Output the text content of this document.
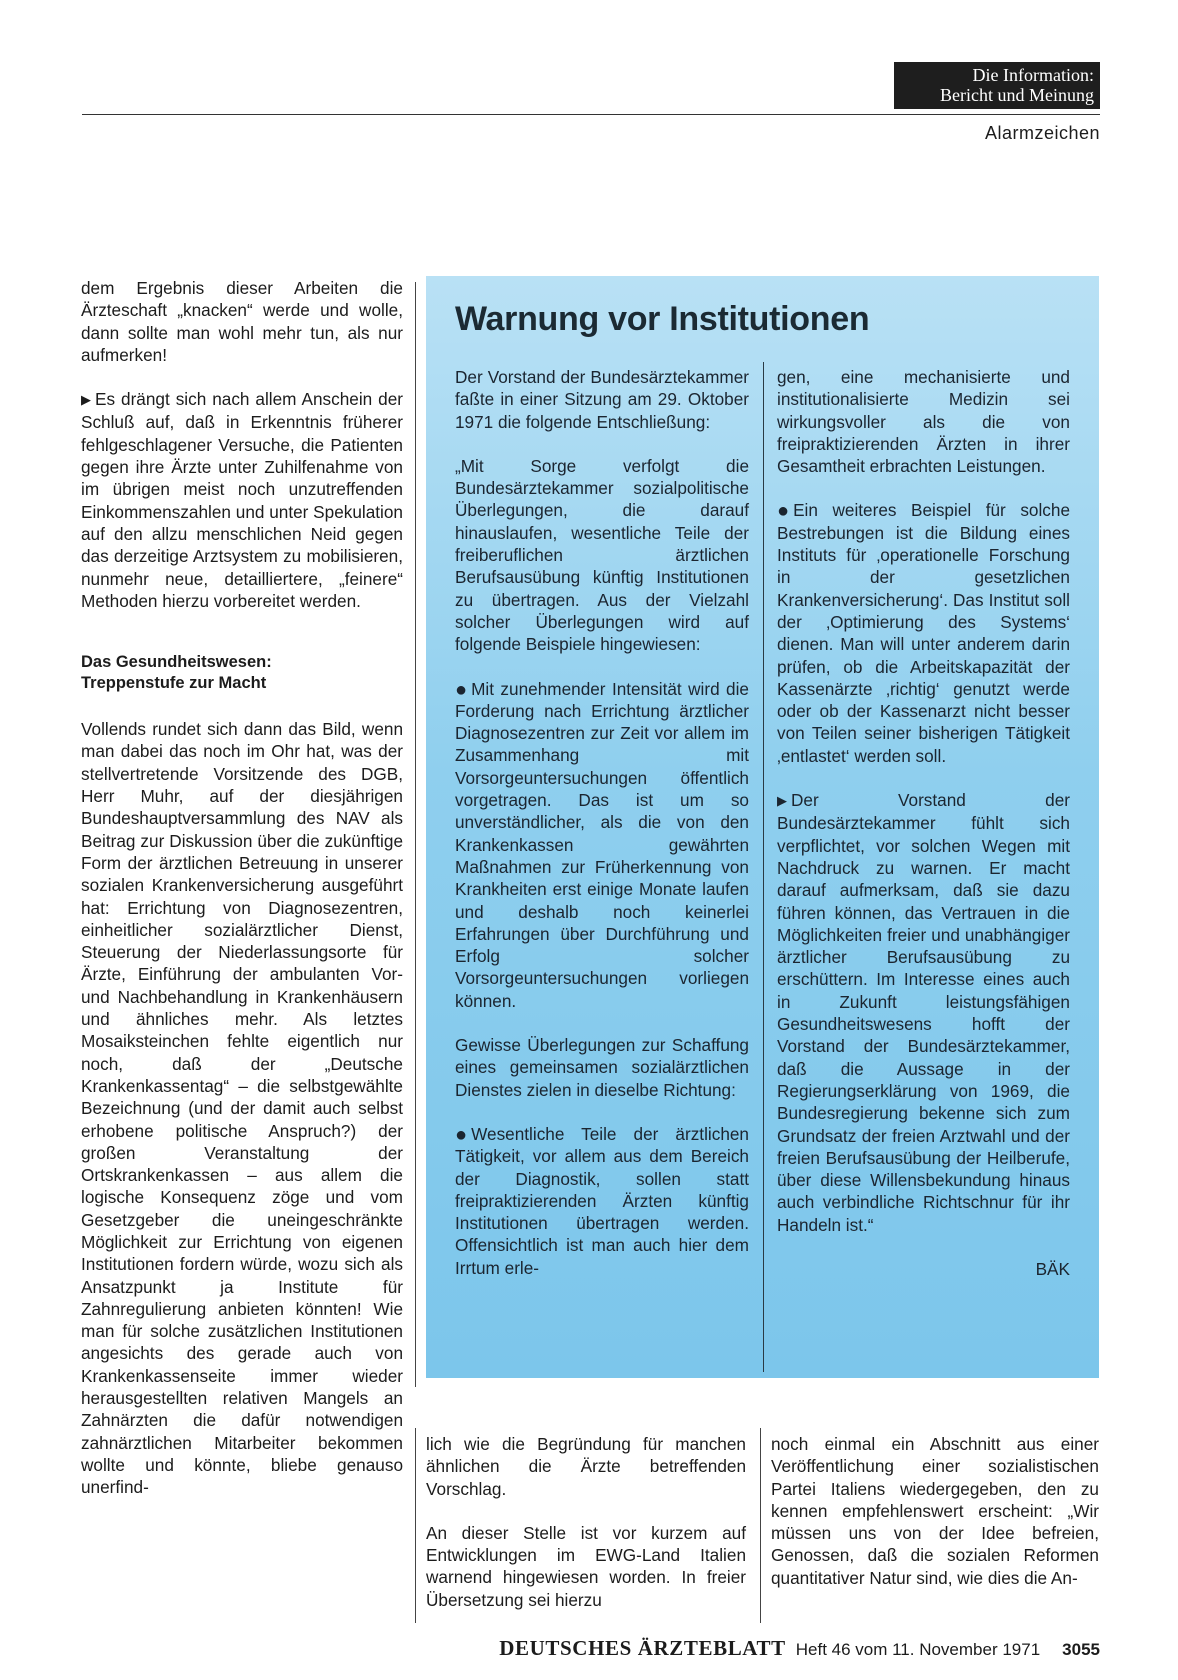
Die Information:
Bericht und Meinung
Alarmzeichen

dem Ergebnis dieser Arbeiten die Ärzteschaft „knacken“ werde und wolle, dann sollte man wohl mehr tun, als nur aufmerken!

▶ Es drängt sich nach allem Anschein der Schluß auf, daß in Erkenntnis früherer fehlgeschlagener Versuche, die Patienten gegen ihre Ärzte unter Zuhilfenahme von im übrigen meist noch unzutreffenden Einkommenszahlen und unter Spekulation auf den allzu menschlichen Neid gegen das derzeitige Arztsystem zu mobilisieren, nunmehr neue, detailliertere, „feinere“ Methoden hierzu vorbereitet werden.

Das Gesundheitswesen:
Treppenstufe zur Macht

Vollends rundet sich dann das Bild, wenn man dabei das noch im Ohr hat, was der stellvertretende Vorsitzende des DGB, Herr Muhr, auf der diesjährigen Bundeshauptversammlung des NAV als Beitrag zur Diskussion über die zukünftige Form der ärztlichen Betreuung in unserer sozialen Krankenversicherung ausgeführt hat: Errichtung von Diagnosezentren, einheitlicher sozialärztlicher Dienst, Steuerung der Niederlassungsorte für Ärzte, Einführung der ambulanten Vor- und Nachbehandlung in Krankenhäusern und ähnliches mehr. Als letztes Mosaiksteinchen fehlte eigentlich nur noch, daß der „Deutsche Krankenkassentag“ – die selbstgewählte Bezeichnung (und der damit auch selbst erhobene politische Anspruch?) der großen Veranstaltung der Ortskrankenkassen – aus allem die logische Konsequenz zöge und vom Gesetzgeber die uneingeschränkte Möglichkeit zur Errichtung von eigenen Institutionen fordern würde, wozu sich als Ansatzpunkt ja Institute für Zahnregulierung anbieten könnten! Wie man für solche zusätzlichen Institutionen angesichts des gerade auch von Krankenkassenseite immer wieder herausgestellten relativen Mangels an Zahnärzten die dafür notwendigen zahnärztlichen Mitarbeiter bekommen wollte und könnte, bliebe genauso unerfind-

Warnung vor Institutionen

Der Vorstand der Bundesärztekammer faßte in einer Sitzung am 29. Oktober 1971 die folgende Entschließung:

„Mit Sorge verfolgt die Bundesärztekammer sozialpolitische Überlegungen, die darauf hinauslaufen, wesentliche Teile der freiberuflichen ärztlichen Berufsausübung künftig Institutionen zu übertragen. Aus der Vielzahl solcher Überlegungen wird auf folgende Beispiele hingewiesen:

● Mit zunehmender Intensität wird die Forderung nach Errichtung ärztlicher Diagnosezentren zur Zeit vor allem im Zusammenhang mit Vorsorgeuntersuchungen öffentlich vorgetragen. Das ist um so unverständlicher, als die von den Krankenkassen gewährten Maßnahmen zur Früherkennung von Krankheiten erst einige Monate laufen und deshalb noch keinerlei Erfahrungen über Durchführung und Erfolg solcher Vorsorgeuntersuchungen vorliegen können.

Gewisse Überlegungen zur Schaffung eines gemeinsamen sozialärztlichen Dienstes zielen in dieselbe Richtung:

● Wesentliche Teile der ärztlichen Tätigkeit, vor allem aus dem Bereich der Diagnostik, sollen statt freipraktizierenden Ärzten künftig Institutionen übertragen werden. Offensichtlich ist man auch hier dem Irrtum erle-

gen, eine mechanisierte und institutionalisierte Medizin sei wirkungsvoller als die von freipraktizierenden Ärzten in ihrer Gesamtheit erbrachten Leistungen.

● Ein weiteres Beispiel für solche Bestrebungen ist die Bildung eines Instituts für ‚operationelle Forschung in der gesetzlichen Krankenversicherung‘. Das Institut soll der ‚Optimierung des Systems‘ dienen. Man will unter anderem darin prüfen, ob die Arbeitskapazität der Kassenärzte ‚richtig‘ genutzt werde oder ob der Kassenarzt nicht besser von Teilen seiner bisherigen Tätigkeit ‚entlastet‘ werden soll.

▶ Der Vorstand der Bundesärztekammer fühlt sich verpflichtet, vor solchen Wegen mit Nachdruck zu warnen. Er macht darauf aufmerksam, daß sie dazu führen können, das Vertrauen in die Möglichkeiten freier und unabhängiger ärztlicher Berufsausübung zu erschüttern. Im Interesse eines auch in Zukunft leistungsfähigen Gesundheitswesens hofft der Vorstand der Bundesärztekammer, daß die Aussage in der Regierungserklärung von 1969, die Bundesregierung bekenne sich zum Grundsatz der freien Arztwahl und der freien Berufsausübung der Heilberufe, über diese Willensbekundung hinaus auch verbindliche Richtschnur für ihr Handeln ist.“

BÄK

lich wie die Begründung für manchen ähnlichen die Ärzte betreffenden Vorschlag.

An dieser Stelle ist vor kurzem auf Entwicklungen im EWG-Land Italien warnend hingewiesen worden. In freier Übersetzung sei hierzu

noch einmal ein Abschnitt aus einer Veröffentlichung einer sozialistischen Partei Italiens wiedergegeben, den zu kennen empfehlenswert erscheint: „Wir müssen uns von der Idee befreien, Genossen, daß die sozialen Reformen quantitativer Natur sind, wie dies die An-

DEUTSCHES ÄRZTEBLATT Heft 46 vom 11. November 1971 3055
